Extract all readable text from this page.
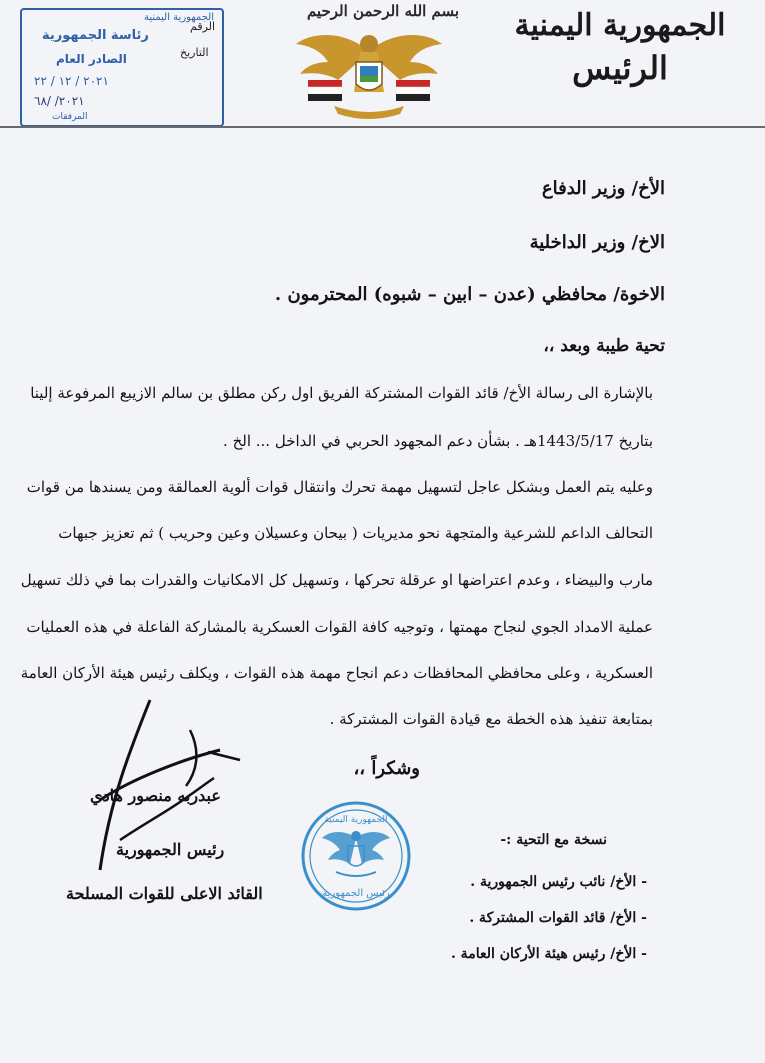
الجمهورية اليمنية
الرئيس
بسم الله الرحمن الرحيم
الجمهورية اليمنية
رئاسة الجمهورية
الصادر العام
٢٠٢١ / ١٢ / ٢٢
٢٠٢١/ /٦٨
المرفقات
الرقم
التاريخ
الأخ/ وزير الدفاع
الاخ/ وزير الداخلية
الاخوة/ محافظي (عدن – ابين – شبوه) المحترمون .
تحية طيبة وبعد ،،
بالإشارة الى رسالة الأخ/ قائد القوات المشتركة الفريق اول ركن مطلق بن سالم الازيبع المرفوعة إلينا
بتاريخ 1443/5/17هـ . بشأن دعم المجهود الحربي في الداخل ... الخ .
وعليه يتم العمل وبشكل عاجل لتسهيل مهمة تحرك وانتقال قوات ألوية العمالقة ومن يسندها من قوات
التحالف الداعم للشرعية والمتجهة نحو مديريات ( بيحان وعسيلان وعين وحريب ) ثم تعزيز جبهات
مارب والبيضاء ، وعدم اعتراضها او عرقلة تحركها ، وتسهيل كل الامكانيات والقدرات بما في ذلك تسهيل
عملية الامداد الجوي لنجاح مهمتها ، وتوجيه كافة القوات العسكرية بالمشاركة الفاعلة في هذه العمليات
العسكرية ، وعلى محافظي المحافظات دعم انجاح مهمة هذه القوات ، ويكلف رئيس هيئة الأركان العامة
بمتابعة تنفيذ هذه الخطة مع قيادة القوات المشتركة .
وشكراً ،،
عبدربه منصور هادي
رئيس الجمهورية
القائد الاعلى للقوات المسلحة
الجمهورية اليمنية
رئيس الجمهورية
نسخة مع التحية :-
- الأخ/ نائب رئيس الجمهورية .
- الأخ/ قائد القوات المشتركة .
- الأخ/ رئيس هيئة الأركان العامة .
